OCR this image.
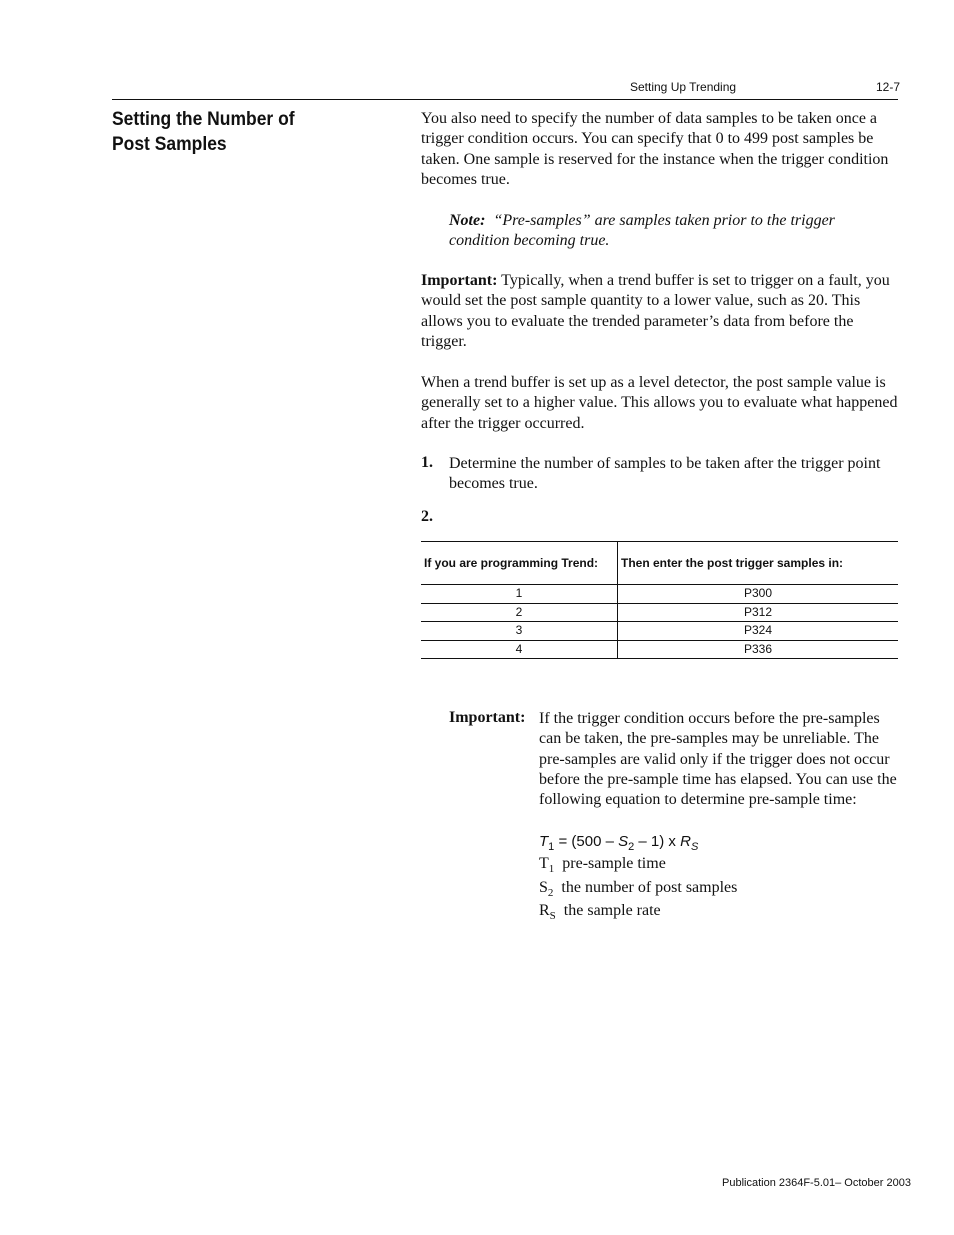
Setting Up Trending	12-7
Setting the Number of Post Samples
You also need to specify the number of data samples to be taken once a trigger condition occurs. You can specify that 0 to 499 post samples be taken. One sample is reserved for the instance when the trigger condition becomes true.
Note: “Pre-samples” are samples taken prior to the trigger condition becoming true.
Important: Typically, when a trend buffer is set to trigger on a fault, you would set the post sample quantity to a lower value, such as 20. This allows you to evaluate the trended parameter’s data from before the trigger.
When a trend buffer is set up as a level detector, the post sample value is generally set to a higher value. This allows you to evaluate what happened after the trigger occurred.
1. Determine the number of samples to be taken after the trigger point becomes true.
2.
If you are programming Trend:	Then enter the post trigger samples in:
1	P300
2	P312
3	P324
4	P336
Important: If the trigger condition occurs before the pre-samples can be taken, the pre-samples may be unreliable. The pre-samples are valid only if the trigger does not occur before the pre-sample time has elapsed. You can use the following equation to determine pre-sample time:
$T_1 = (500 - S_2 - 1)$ x $R_S$
$T_1$ pre-sample time
$S_2$ the number of post samples
$R_S$ the sample rate
Publication 2364F-5.01– October 2003
